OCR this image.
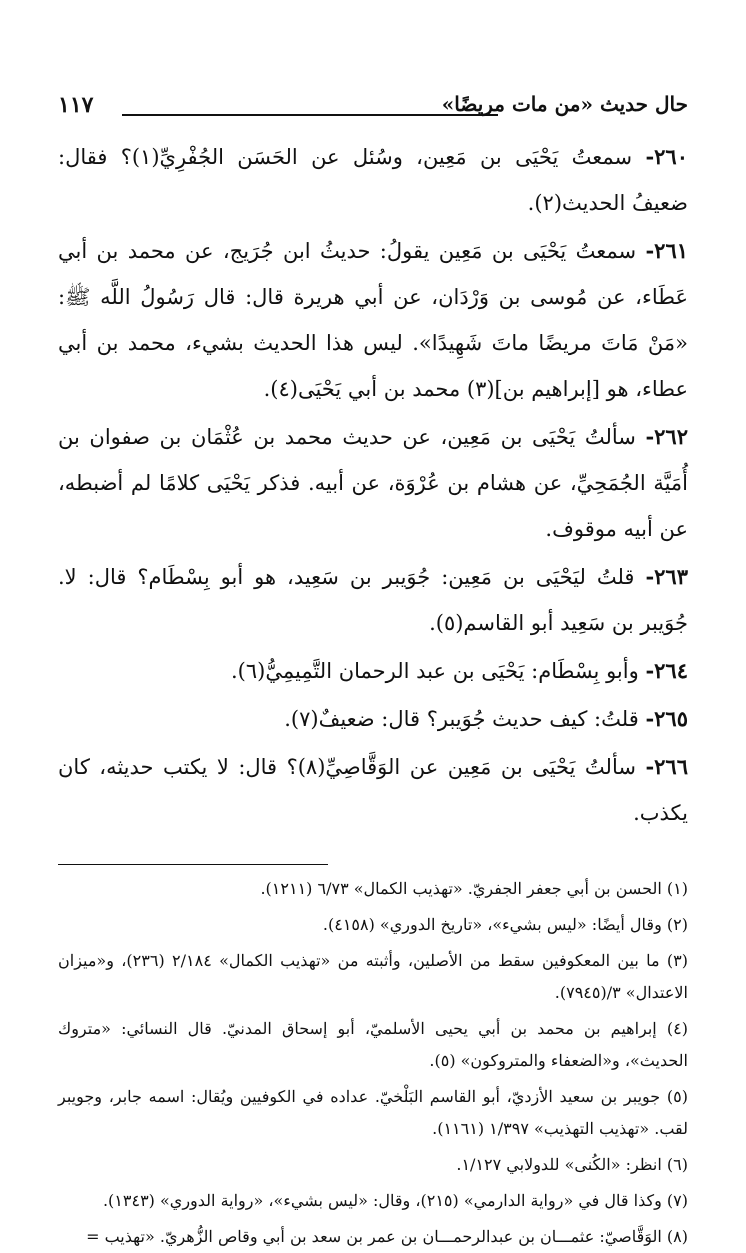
حال حديث «من مات مريضًا»
١١٧

٢٦٠- سمعتُ يَحْيَى بن مَعِين، وسُئل عن الحَسَن الجُفْرِيِّ(١)؟ فقال: ضعيفُ الحديث(٢).

٢٦١- سمعتُ يَحْيَى بن مَعِين يقولُ: حديثُ ابن جُرَيج، عن محمد بن أبي عَطَاء، عن مُوسى بن وَرْدَان، عن أبي هريرة قال: قال رَسُولُ اللَّه ﷺ: «مَنْ مَاتَ مريضًا ماتَ شَهِيدًا». ليس هذا الحديث بشيء، محمد بن أبي عطاء، هو [إبراهيم بن](٣) محمد بن أبي يَحْيَى(٤).

٢٦٢- سألتُ يَحْيَى بن مَعِين، عن حديث محمد بن عُثْمَان بن صفوان بن أُمَيَّة الجُمَحِيِّ، عن هشام بن عُرْوَة، عن أبيه. فذكر يَحْيَى كلامًا لم أضبطه، عن أبيه موقوف.

٢٦٣- قلتُ ليَحْيَى بن مَعِين: جُوَيبر بن سَعِيد، هو أبو بِسْطَام؟ قال: لا. جُوَيبر بن سَعِيد أبو القاسم(٥).

٢٦٤- وأبو بِسْطَام: يَحْيَى بن عبد الرحمان التَّمِيمِيُّ(٦).

٢٦٥- قلتُ: كيف حديث جُوَيبر؟ قال: ضعيفٌ(٧).

٢٦٦- سألتُ يَحْيَى بن مَعِين عن الوَقَّاصِيِّ(٨)؟ قال: لا يكتب حديثه، كان يكذب.

(١) الحسن بن أبي جعفر الجفريّ. «تهذيب الكمال» ٦/٧٣ (١٢١١).

(٢) وقال أيضًا: «ليس بشيء»، «تاريخ الدوري» (٤١٥٨).

(٣) ما بين المعكوفين سقط من الأصلين، وأثبته من «تهذيب الكمال» ٢/١٨٤ (٢٣٦)، و«ميزان الاعتدال» ٣/(٧٩٤٥).

(٤) إبراهيم بن محمد بن أبي يحيى الأسلميّ، أبو إسحاق المدنيّ. قال النسائي: «متروك الحديث»، و«الضعفاء والمتروكون» (٥).

(٥) جويبر بن سعيد الأزديّ، أبو القاسم البَلْخيّ. عداده في الكوفيين ويُقال: اسمه جابر، وجويبر لقب. «تهذيب التهذيب» ١/٣٩٧ (١١٦١).

(٦) انظر: «الكُنى» للدولابي ١/١٢٧.

(٧) وكذا قال في «رواية الدارمي» (٢١٥)، وقال: «ليس بشيء»، «رواية الدوري» (١٣٤٣).

(٨) الوَقَّاصيّ: عثمـــان بن عبدالرحمـــان بن عمر بن سعد بن أبي وقاص الزُّهريّ. «تهذيب =
